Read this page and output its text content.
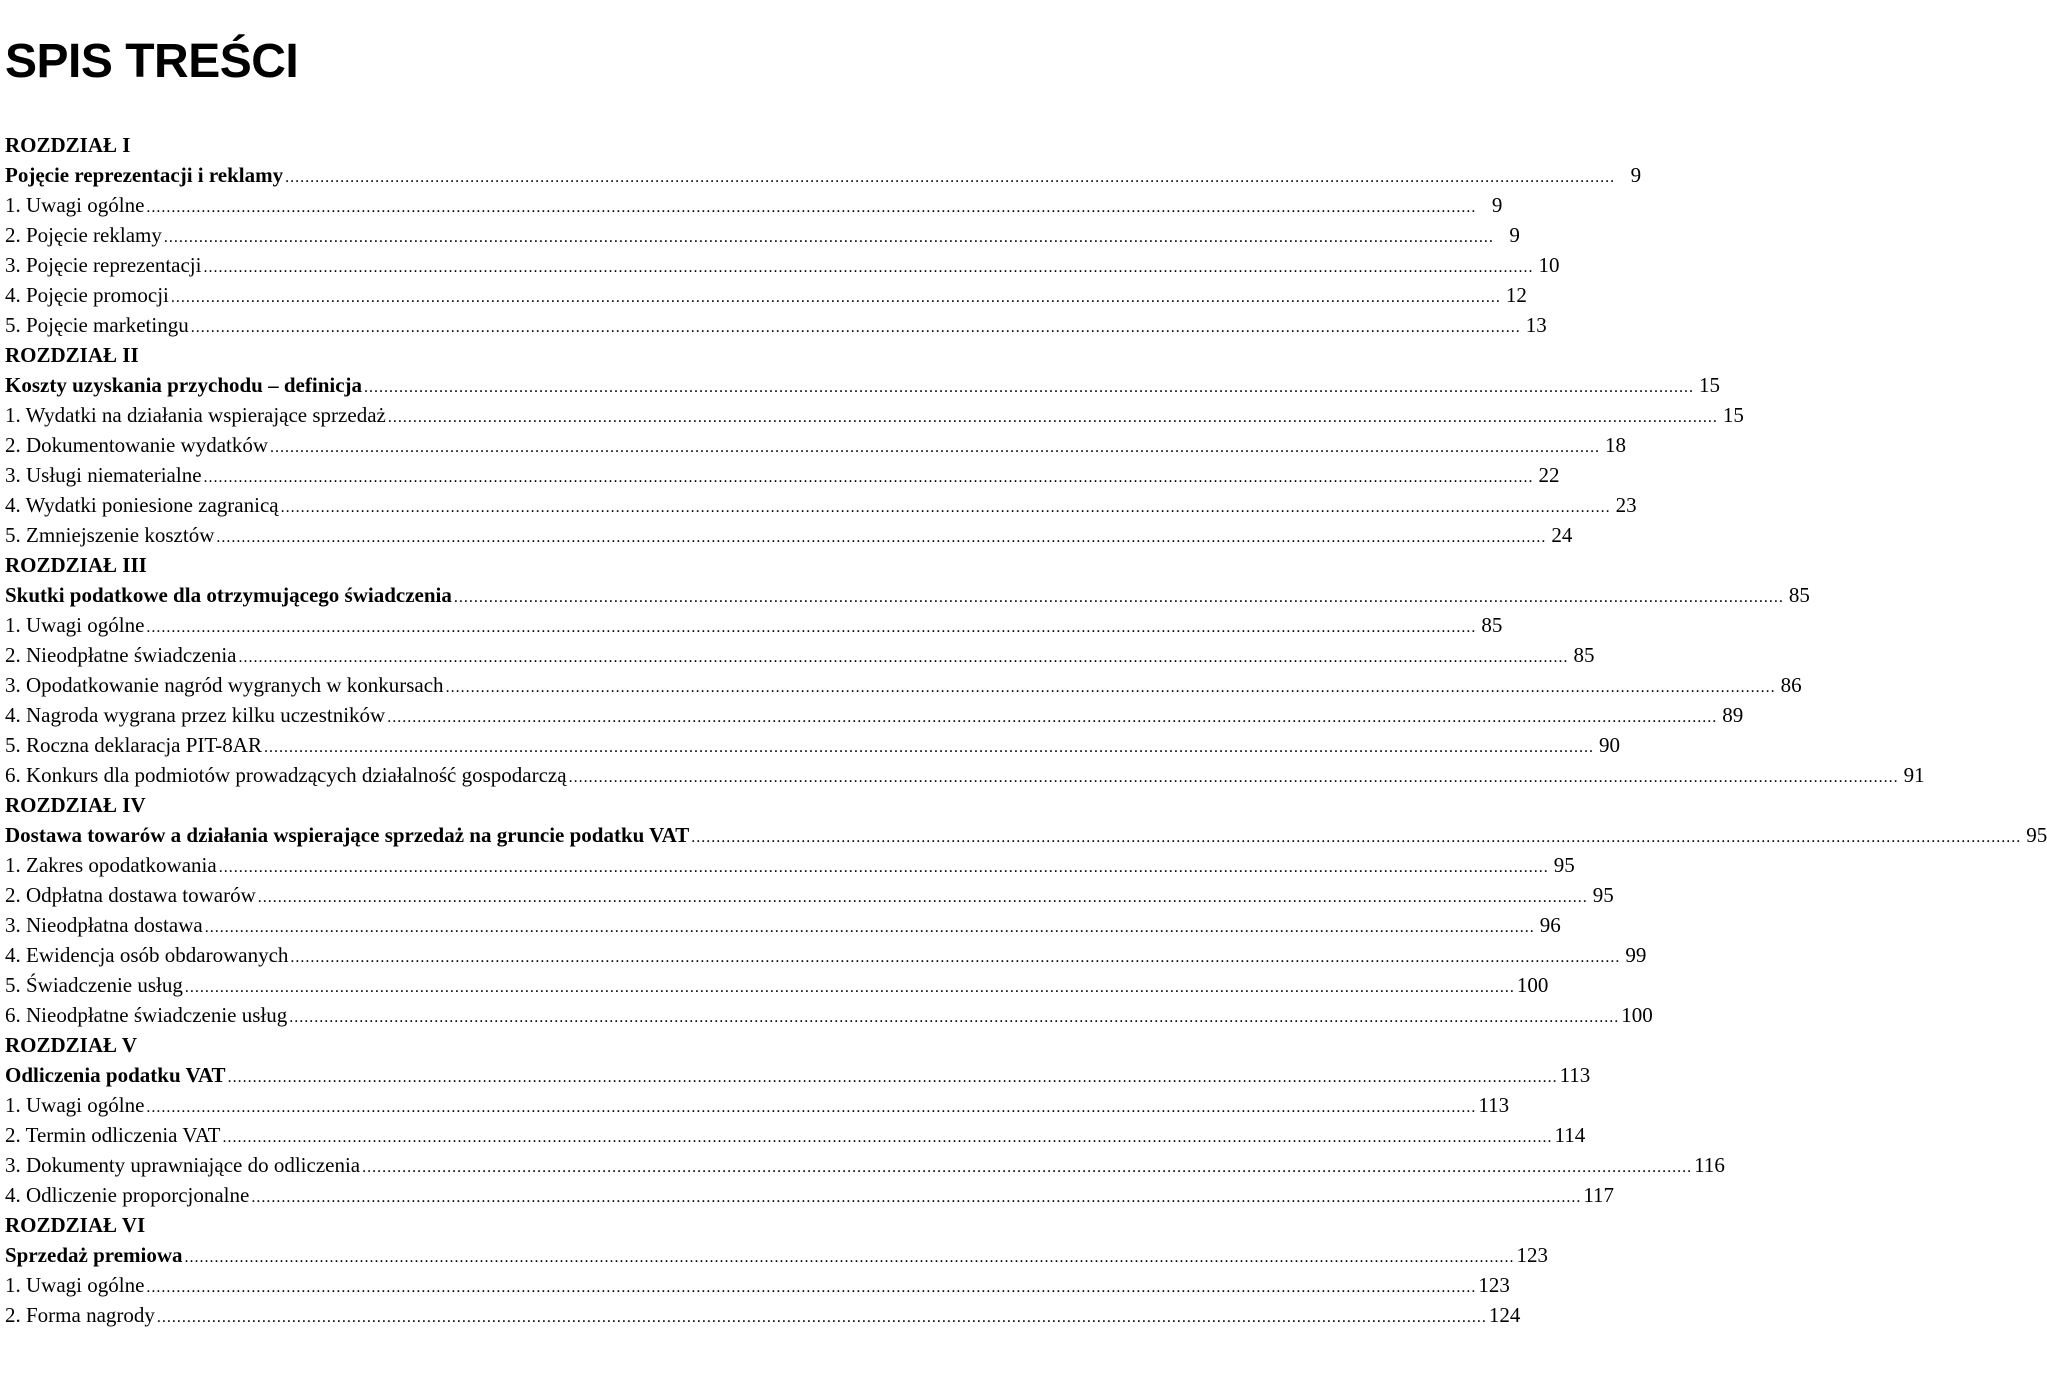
SPIS TREŚCI
ROZDZIAŁ I
Pojęcie reprezentacji i reklamy .....	9
1. Uwagi ogólne .....	9
2. Pojęcie reklamy .....	9
3. Pojęcie reprezentacji .....	10
4. Pojęcie promocji .....	12
5. Pojęcie marketingu .....	13
ROZDZIAŁ II
Koszty uzyskania przychodu – definicja .....	15
1. Wydatki na działania wspierające sprzedaż .....	15
2. Dokumentowanie wydatków .....	18
3. Usługi niematerialne .....	22
4. Wydatki poniesione zagranicą .....	23
5. Zmniejszenie kosztów .....	24
ROZDZIAŁ III
Skutki podatkowe dla otrzymującego świadczenia .....	85
1. Uwagi ogólne .....	85
2. Nieodpłatne świadczenia .....	85
3. Opodatkowanie nagród wygranych w konkursach .....	86
4. Nagroda wygrana przez kilku uczestników .....	89
5. Roczna deklaracja PIT-8AR .....	90
6. Konkurs dla podmiotów prowadzących działalność gospodarczą .....	91
ROZDZIAŁ IV
Dostawa towarów a działania wspierające sprzedaż na gruncie podatku VAT .....	95
1. Zakres opodatkowania .....	95
2. Odpłatna dostawa towarów .....	95
3. Nieodpłatna dostawa .....	96
4. Ewidencja osób obdarowanych .....	99
5. Świadczenie usług .....	100
6. Nieodpłatne świadczenie usług .....	100
ROZDZIAŁ V
Odliczenia podatku VAT .....	113
1. Uwagi ogólne .....	113
2. Termin odliczenia VAT .....	114
3. Dokumenty uprawniające do odliczenia .....	116
4. Odliczenie proporcjonalne .....	117
ROZDZIAŁ VI
Sprzedaż premiowa .....	123
1. Uwagi ogólne .....	123
2. Forma nagrody .....	124
